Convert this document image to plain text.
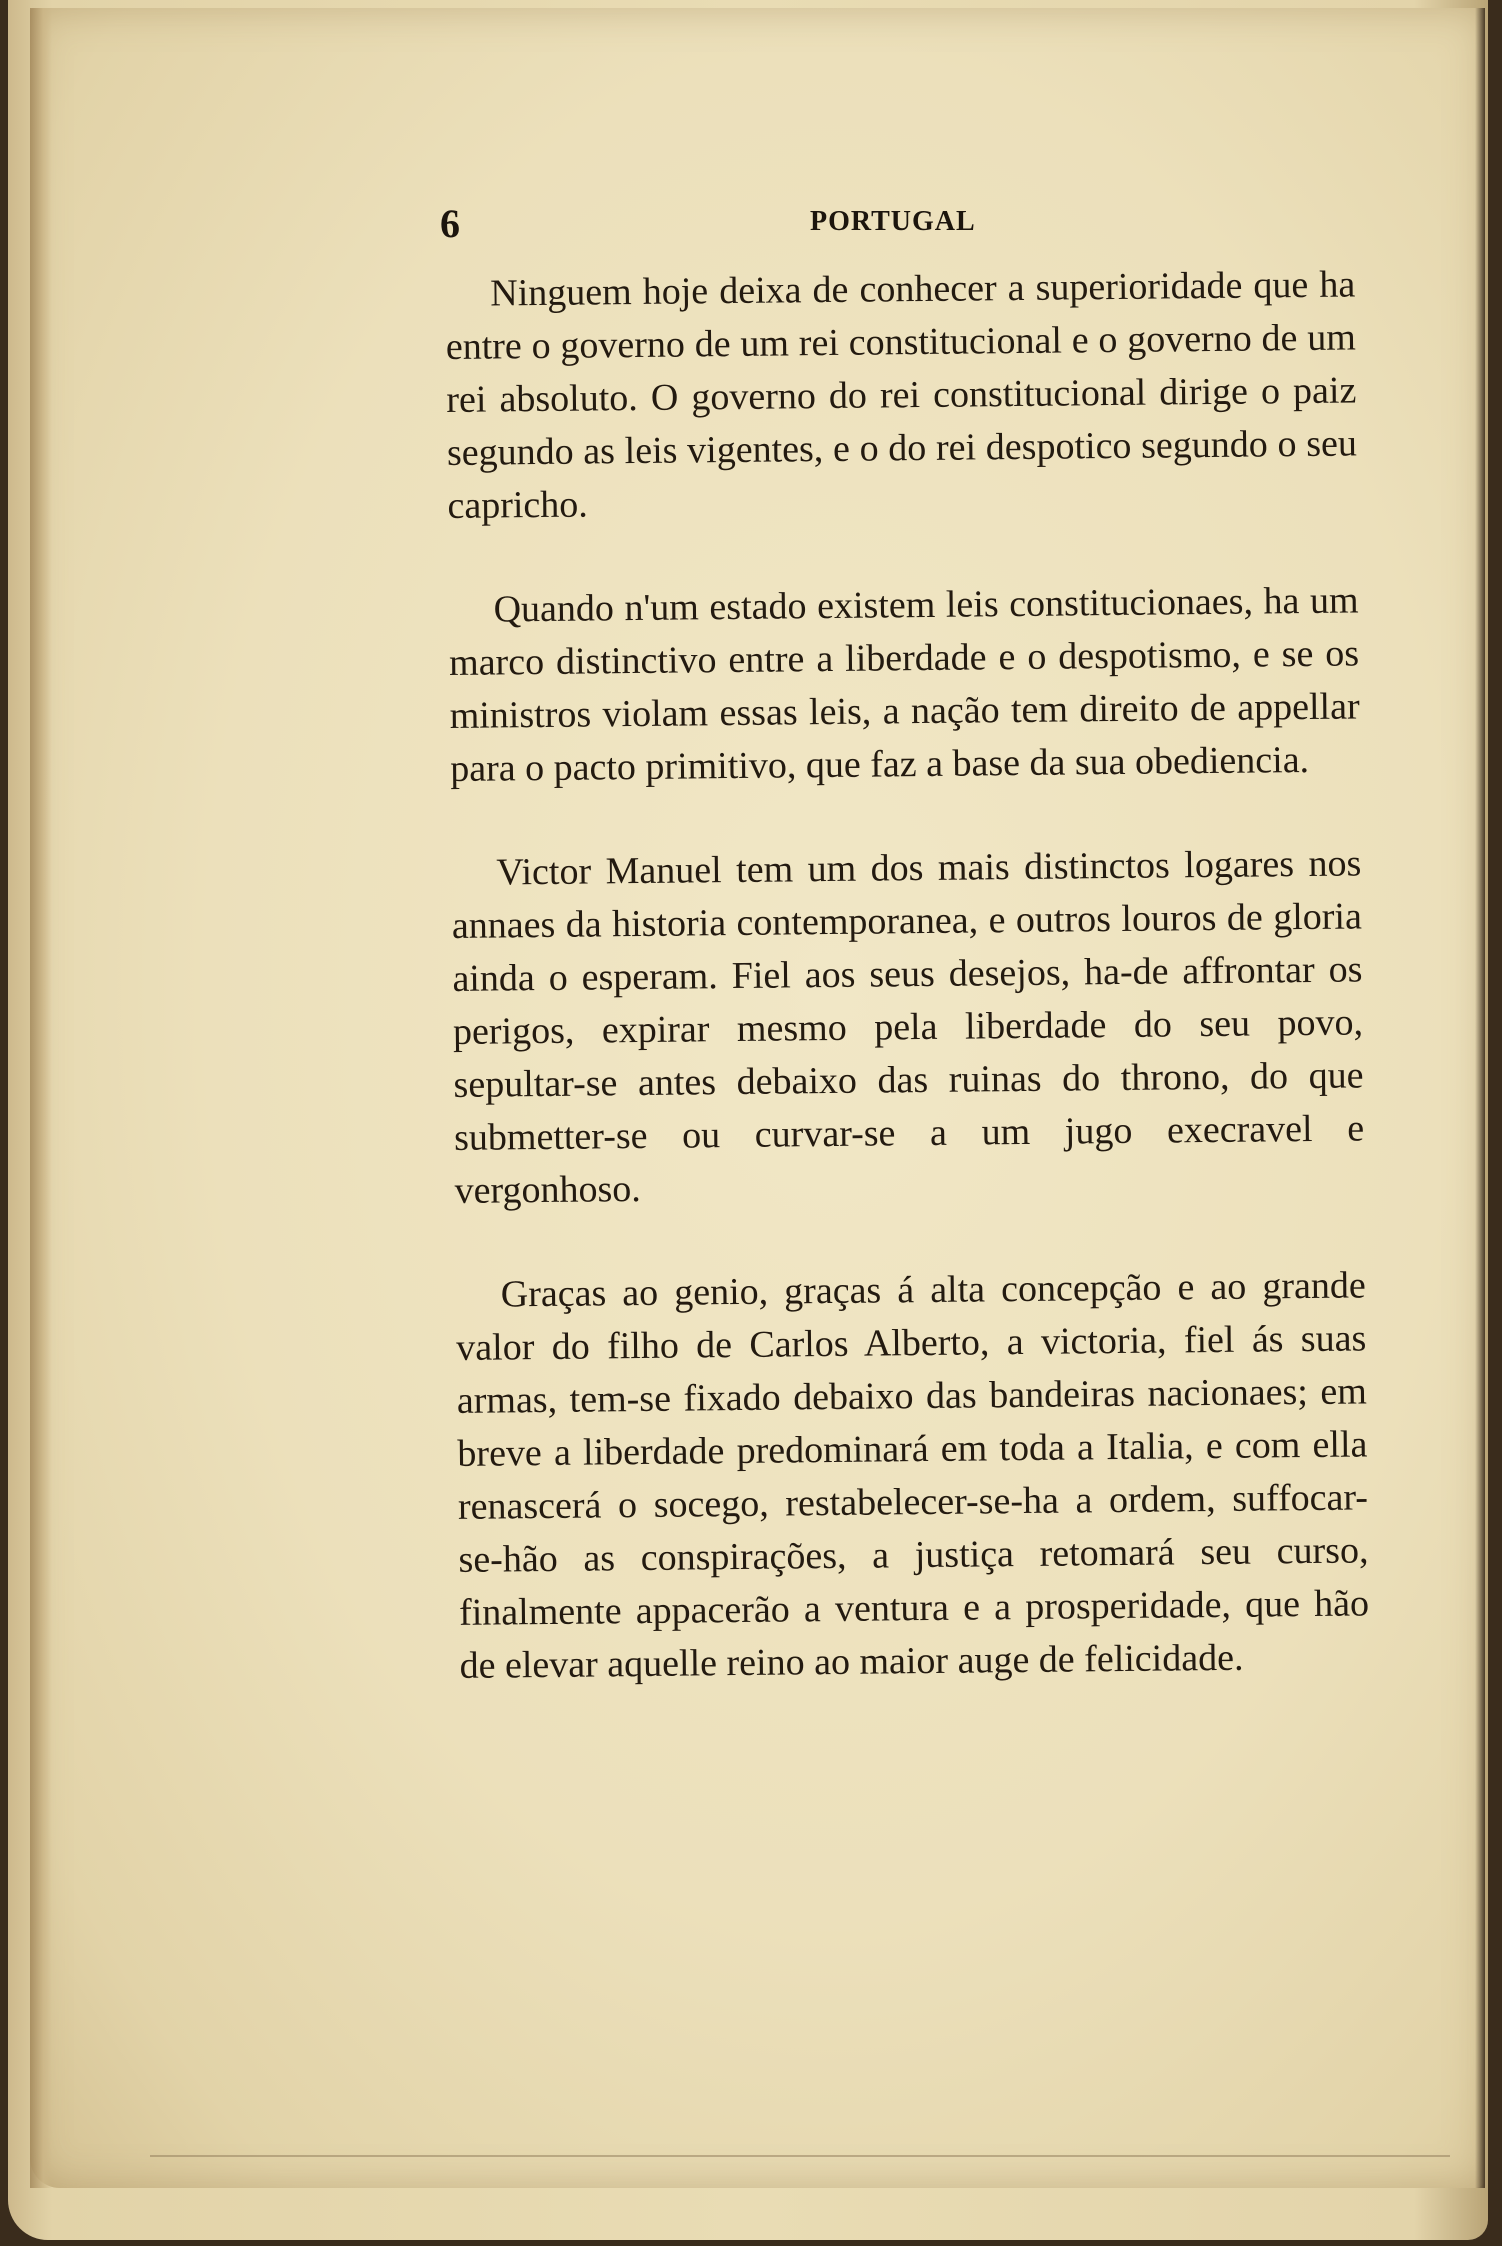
6	PORTUGAL

Ninguem hoje deixa de conhecer a superioridade que ha entre o governo de um rei constitucional e o governo de um rei absoluto. O governo do rei constitucional dirige o paiz segundo as leis vigentes, e o do rei despotico segundo o seu capricho.

Quando n'um estado existem leis constitucionaes, ha um marco distinctivo entre a liberdade e o despotismo, e se os ministros violam essas leis, a nação tem direito de appellar para o pacto primitivo, que faz a base da sua obediencia.

Victor Manuel tem um dos mais distinctos logares nos annaes da historia contemporanea, e outros louros de gloria ainda o esperam. Fiel aos seus desejos, ha-de affrontar os perigos, expirar mesmo pela liberdade do seu povo, sepultar-se antes debaixo das ruinas do throno, do que submetter-se ou curvar-se a um jugo execravel e vergonhoso.

Graças ao genio, graças á alta concepção e ao grande valor do filho de Carlos Alberto, a victoria, fiel ás suas armas, tem-se fixado debaixo das bandeiras nacionaes; em breve a liberdade predominará em toda a Italia, e com ella renascerá o socego, restabelecer-se-ha a ordem, suffocar-se-hão as conspirações, a justiça retomará seu curso, finalmente appacerão a ventura e a prosperidade, que hão de elevar aquelle reino ao maior auge de felicidade.
